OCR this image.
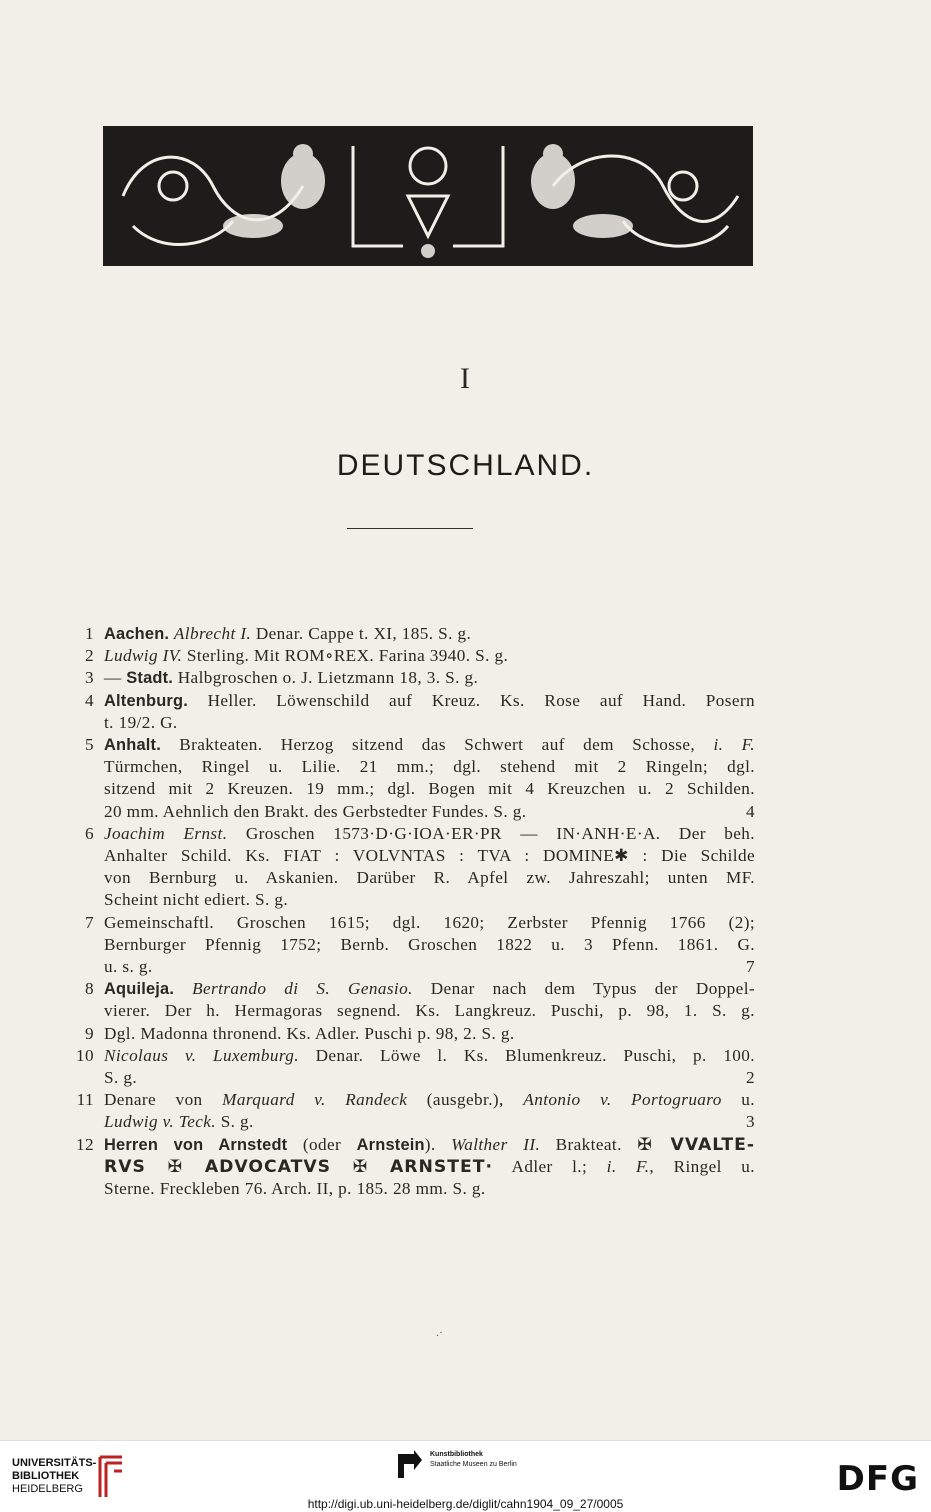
I
DEUTSCHLAND.
1 Aachen. Albrecht I. Denar. Cappe t. XI, 185. S. g.
2 Ludwig IV. Sterling. Mit ROM∘REX. Farina 3940. S. g.
3 — Stadt. Halbgroschen o. J. Lietzmann 18, 3. S. g.
4 Altenburg. Heller. Löwenschild auf Kreuz. Ks. Rose auf Hand. Posern
t. 19/2. G.
5 Anhalt. Brakteaten. Herzog sitzend das Schwert auf dem Schosse, i. F.
Türmchen, Ringel u. Lilie. 21 mm.; dgl. stehend mit 2 Ringeln; dgl.
sitzend mit 2 Kreuzen. 19 mm.; dgl. Bogen mit 4 Kreuzchen u. 2 Schilden.
4
20 mm. Aehnlich den Brakt. des Gerbstedter Fundes. S. g.
6 Joachim Ernst. Groschen 1573·D·G·IOA·ER·PR — IN·ANH·E·A. Der beh.
Anhalter Schild. Ks. FIAT : VOLVNTAS : TVA : DOMINE✱ : Die Schilde
von Bernburg u. Askanien. Darüber R. Apfel zw. Jahreszahl; unten MF.
Scheint nicht ediert. S. g.
7 Gemeinschaftl. Groschen 1615; dgl. 1620; Zerbster Pfennig 1766 (2);
Bernburger Pfennig 1752; Bernb. Groschen 1822 u. 3 Pfenn. 1861. G.
7
u. s. g.
8 Aquileja. Bertrando di S. Genasio. Denar nach dem Typus der Doppel-
vierer. Der h. Hermagoras segnend. Ks. Langkreuz. Puschi, p. 98, 1. S. g.
9 Dgl. Madonna thronend. Ks. Adler. Puschi p. 98, 2. S. g.
10 Nicolaus v. Luxemburg. Denar. Löwe l. Ks. Blumenkreuz. Puschi, p. 100.
2
S. g.
11 Denare von Marquard v. Randeck (ausgebr.), Antonio v. Portogruaro u.
3
Ludwig v. Teck. S. g.
12 Herren von Arnstedt (oder Arnstein). Walther II. Brakteat. ✠ VVALTE-
RVS ✠ ADVOCATVS ✠ ARNSTET· Adler l.; i. F., Ringel u.
Sterne. Freckleben 76. Arch. II, p. 185. 28 mm. S. g.
.·
UNIVERSITÄTS-
BIBLIOTHEK
HEIDELBERG
Kunstbibliothek
Staatliche Museen zu Berlin	DFG
http://digi.ub.uni-heidelberg.de/diglit/cahn1904_09_27/0005
